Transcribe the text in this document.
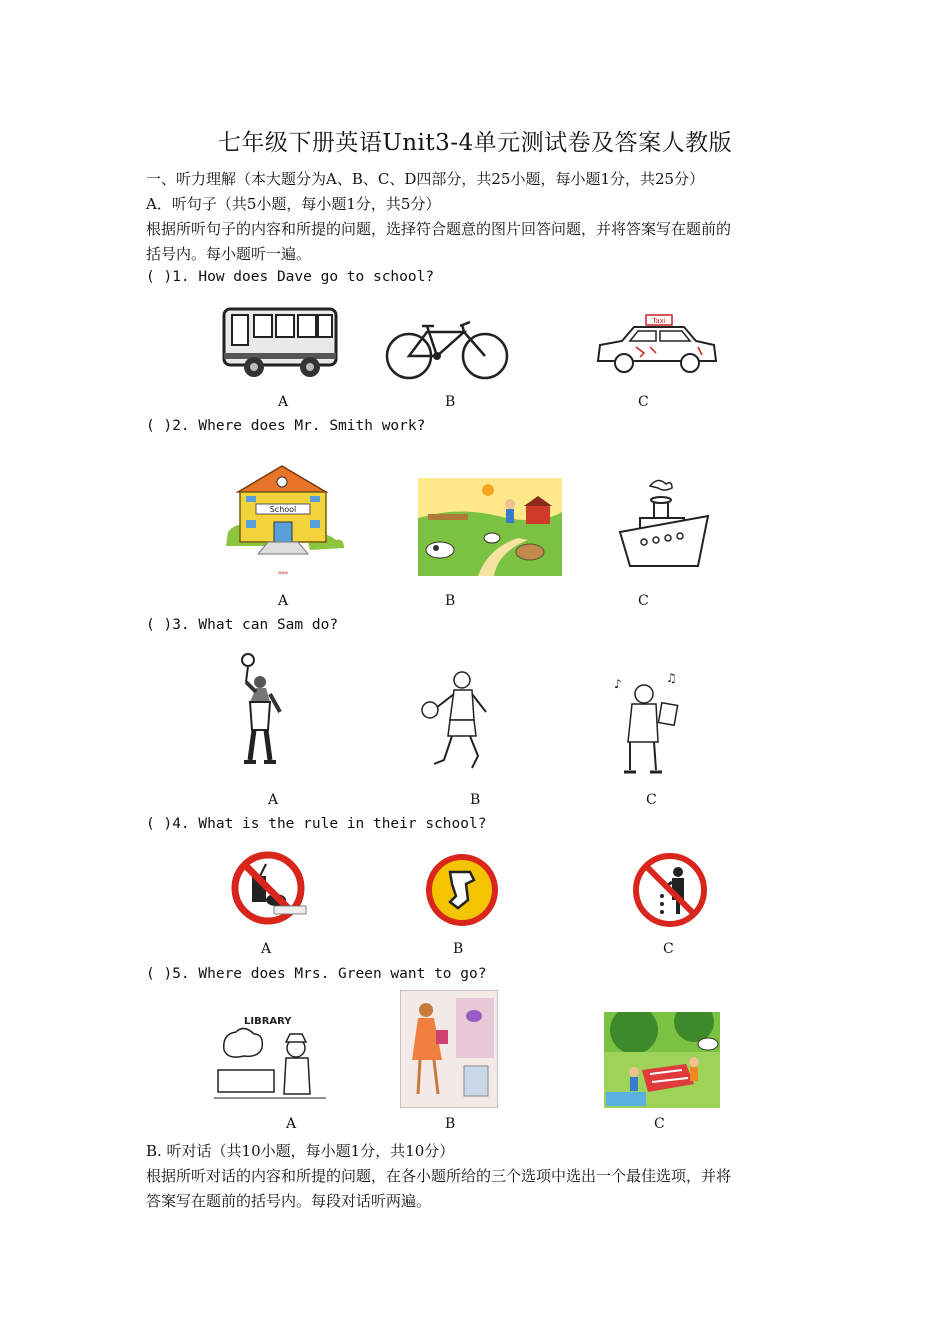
七年级下册英语Unit3-4单元测试卷及答案人教版
一、听力理解（本大题分为A、B、C、D四部分，共25小题，每小题1分，共25分）
A．听句子（共5小题，每小题1分，共5分）
根据所听句子的内容和所提的问题，选择符合题意的图片回答问题，并将答案写在题前的
括号内。每小题听一遍。
( )1. How does Dave go to school?
Taxi
A	B	C
( )2. Where does Mr. Smith work?
School
www
A	B	C
( )3. What can Sam do?
♪	♫
A	B	C
( )4. What is the rule in their school?
A	B	C
( )5. Where does Mrs. Green want to go?
LIBRARY
A	B	C
B. 听对话（共10小题，每小题1分，共10分）
根据所听对话的内容和所提的问题，在各小题所给的三个选项中选出一个最佳选项，并将
答案写在题前的括号内。每段对话听两遍。
